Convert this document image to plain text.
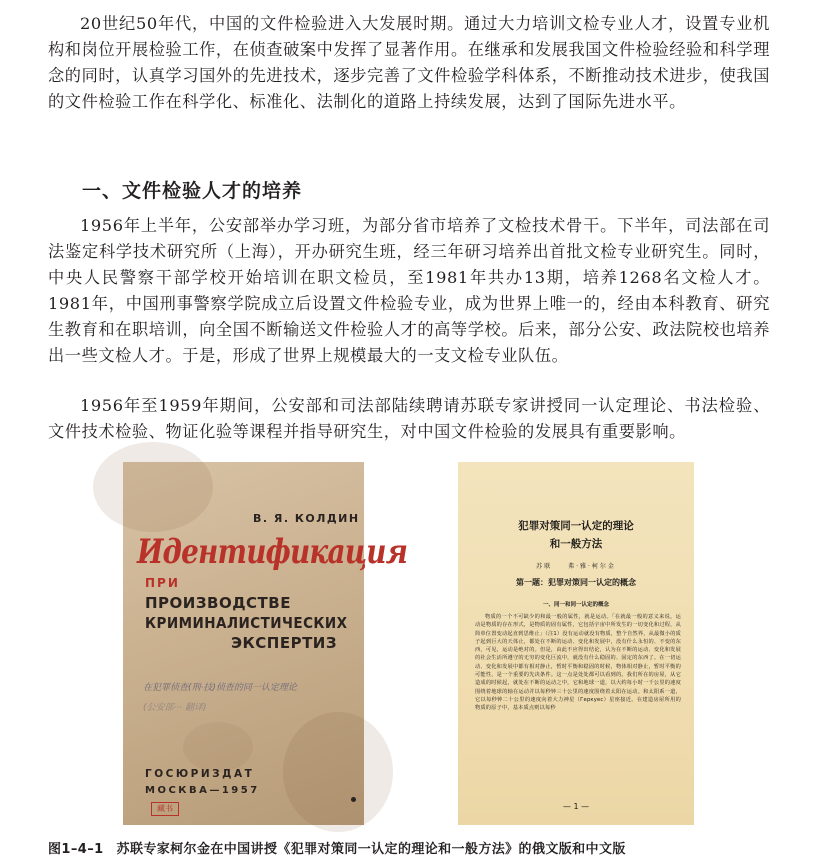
20世纪50年代，中国的文件检验进入大发展时期。通过大力培训文检专业人才，设置专业机构和岗位开展检验工作，在侦查破案中发挥了显著作用。在继承和发展我国文件检验经验和科学理念的同时，认真学习国外的先进技术，逐步完善了文件检验学科体系，不断推动技术进步，使我国的文件检验工作在科学化、标准化、法制化的道路上持续发展，达到了国际先进水平。

一、文件检验人才的培养

1956年上半年，公安部举办学习班，为部分省市培养了文检技术骨干。下半年，司法部在司法鉴定科学技术研究所（上海），开办研究生班，经三年研习培养出首批文检专业研究生。同时，中央人民警察干部学校开始培训在职文检员，至1981年共办13期，培养1268名文检人才。1981年，中国刑事警察学院成立后设置文件检验专业，成为世界上唯一的，经由本科教育、研究生教育和在职培训，向全国不断输送文件检验人才的高等学校。后来，部分公安、政法院校也培养出一些文检人才。于是，形成了世界上规模最大的一支文检专业队伍。

1956年至1959年期间，公安部和司法部陆续聘请苏联专家讲授同一认定理论、书法检验、文件技术检验、物证化验等课程并指导研究生，对中国文件检验的发展具有重要影响。

В. Я. КОЛДИН
Идентификация
ПРИ
ПРОИЗВОДСТВЕ
КРИМИНАЛИСТИЧЕСКИХ
ЭКСПЕРТИЗ
在犯罪侦查(刑·技)侦查的同一认定理论
(公安部··· 翻译)
ГОСЮРИЗДАТ
МОСКВА—1957
藏书
犯罪对策同一认定的理论
和一般方法
苏联　　弗·雅·柯尔金
第一题：犯罪对策同一认定的概念
一、同一和同一认定的概念
物质的一个不可缺少的和最一般的属性，就是运动。「在就最一般的意义来说，运动是物质的存在形式，是物质的固有属性，它包括宇宙中所发生的一切变化和过程，从简单位置变动起直到思维止」（注1）没有运动就没有物质，整个自然界，从最微小的质子起到巨大的天体止，都处在不断的运动、变化和发展中，没有什么永恒的、不变的东西，可见，运动是绝对的。但是，由此不应得出结论，认为在不断的运动、变化和发展的社会生活所遵守的无穷的变化巨流中，就没有什么稳固的、固定的东西了。在一切运动、变化和发展中都有相对静止，暂时平衡和稳固的时候，物体相对静止，暂时平衡的可能性，是一个重要的先决条件。这一点是处处都可以看到的。我们所在的房屋，从它造成的时候起，就处在不断的运动之中，它和地球一道，以大约每小时一千公里的速度围绕着地球的轴在运动并以每秒钟三十公里的速度围绕着太阳在运动。和太阳系一道，它以每秒钟二十公里的速度向着大力神星（Геркуес）星座接近。在建造房屋所用的物质的原子中，基本质点则以每秒
— 1 —

图1–4–1 苏联专家柯尔金在中国讲授《犯罪对策同一认定的理论和一般方法》的俄文版和中文版
